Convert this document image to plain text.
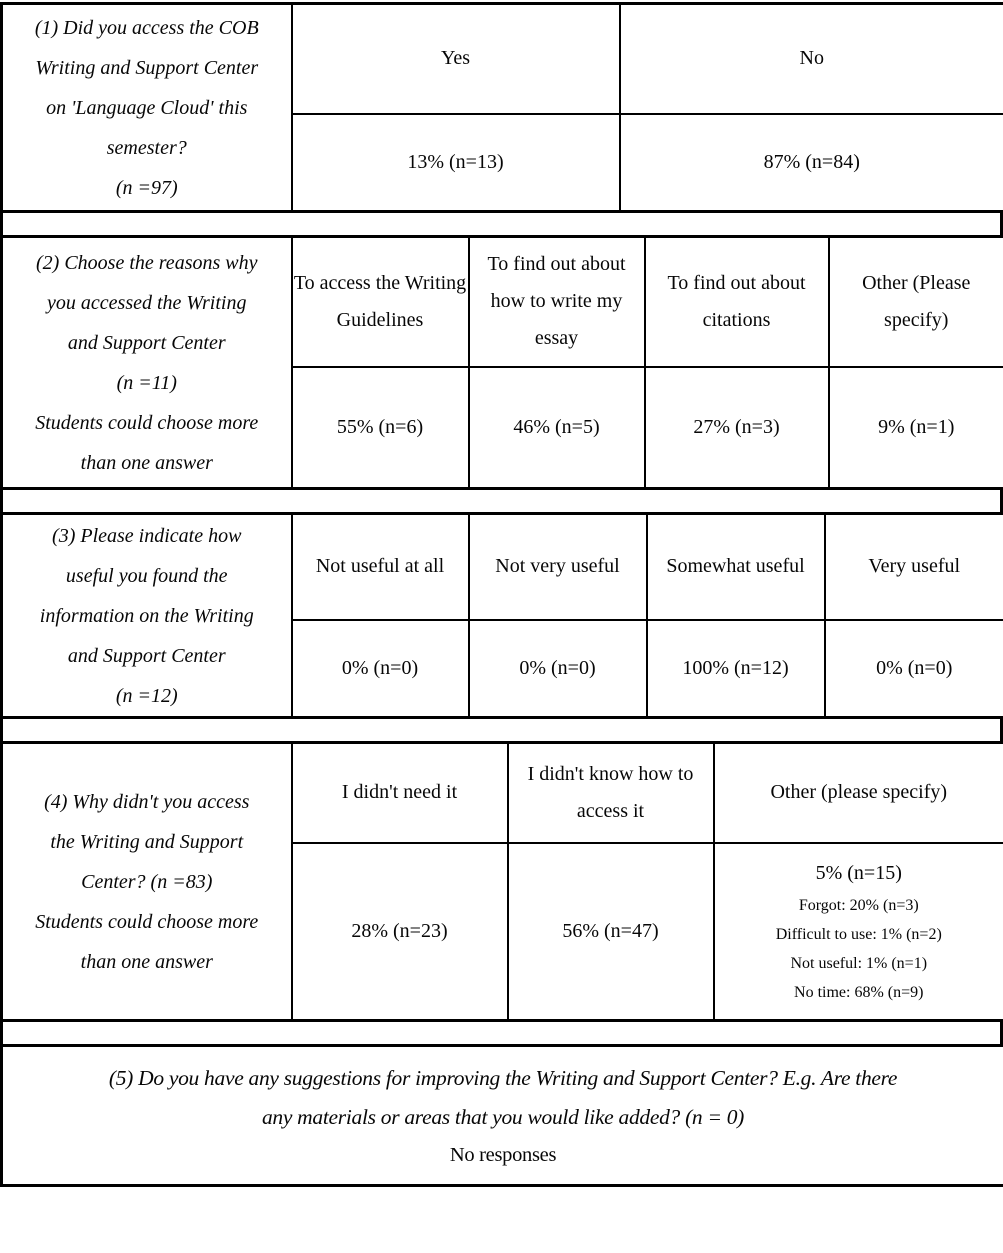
(1) Did you access the COB
Writing and Support Center
on 'Language Cloud' this
semester?
(n =97)	Yes	No
	13% (n=13)	87% (n=84)
(2) Choose the reasons why
you accessed the Writing
and Support Center
(n =11)
Students could choose more
than one answer
	To access the Writing Guidelines	To find out about how to write my essay	To find out about citations	Other (Please specify)
	55% (n=6)	46% (n=5)	27% (n=3)	9% (n=1)
(3) Please indicate how
useful you found the
information on the Writing
and Support Center
(n =12)	Not useful at all	Not very useful	Somewhat useful	Very useful
	0% (n=0)	0% (n=0)	100% (n=12)	0% (n=0)
(4) Why didn't you access
the Writing and Support
Center? (n =83)
Students could choose more
than one answer	I didn't need it	I didn't know how to access it	Other (please specify)
	28% (n=23)	56% (n=47)	5% (n=15)
Forgot: 20% (n=3)
Difficult to use: 1% (n=2)
Not useful: 1% (n=1)
No time: 68% (n=9)
(5) Do you have any suggestions for improving the Writing and Support Center? E.g. Are there
any materials or areas that you would like added? (n = 0)
No responses
